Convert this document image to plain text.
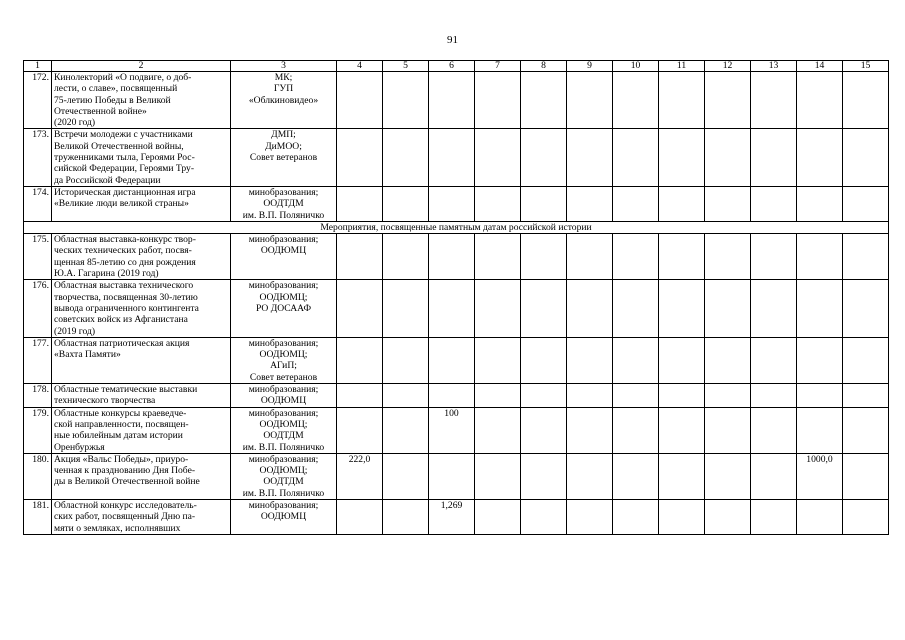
91
1	2	3	4	5	6	7	8	9	10	11	12	13	14	15
172.	Кинолекторий «О подвиге, о доб-
лести, о славе», посвященный
75-летию Победы в Великой
Отечественной войне»
(2020 год)	МК;
ГУП
«Облкиновидео»												

173.	Встречи молодежи с участниками
Великой Отечественной войны,
труженниками тыла, Героями Рос-
сийской Федерации, Героями Тру-
да Российской Федерации	ДМП;
ДиМОО;
Совет ветеранов												

174.	Историческая дистанционная игра
«Великие люди великой страны»	минобразования;
ООДТДМ
им. В.П. Поляничко												

Мероприятия, посвященные памятным датам российской истории														
175.	Областная выставка-конкурс твор-
ческих технических работ, посвя-
щенная 85-летию со дня рождения
Ю.А. Гагарина (2019 год)	минобразования;
ООДЮМЦ												

176.	Областная выставка технического
творчества, посвященная 30-летию
вывода ограниченного контингента
советских войск из Афганистана
(2019 год)	минобразования;
ООДЮМЦ;
РО ДОСААФ												

177.	Областная патриотическая акция
«Вахта Памяти»	минобразования;
ООДЮМЦ;
АГиП;
Совет ветеранов												

178.	Областные тематические выставки
технического творчества	минобразования;
ООДЮМЦ												

179.	Областные конкурсы краеведче-
ской направленности, посвящен-
ные юбилейным датам истории
Оренбуржья	минобразования;
ООДЮМЦ;
ООДТДМ
им. В.П. Поляничко			100									
180.	Акция «Вальс Победы», приуро-
ченная к празднованию Дня Побе-
ды в Великой Отечественной войне	минобразования;
ООДЮМЦ;
ООДТДМ
им. В.П. Поляничко	222,0										1000,0	
181.	Областной конкурс исследователь-
ских работ, посвященный Дню па-
мяти о земляках, исполнявших	минобразования;
ООДЮМЦ			1,269									
